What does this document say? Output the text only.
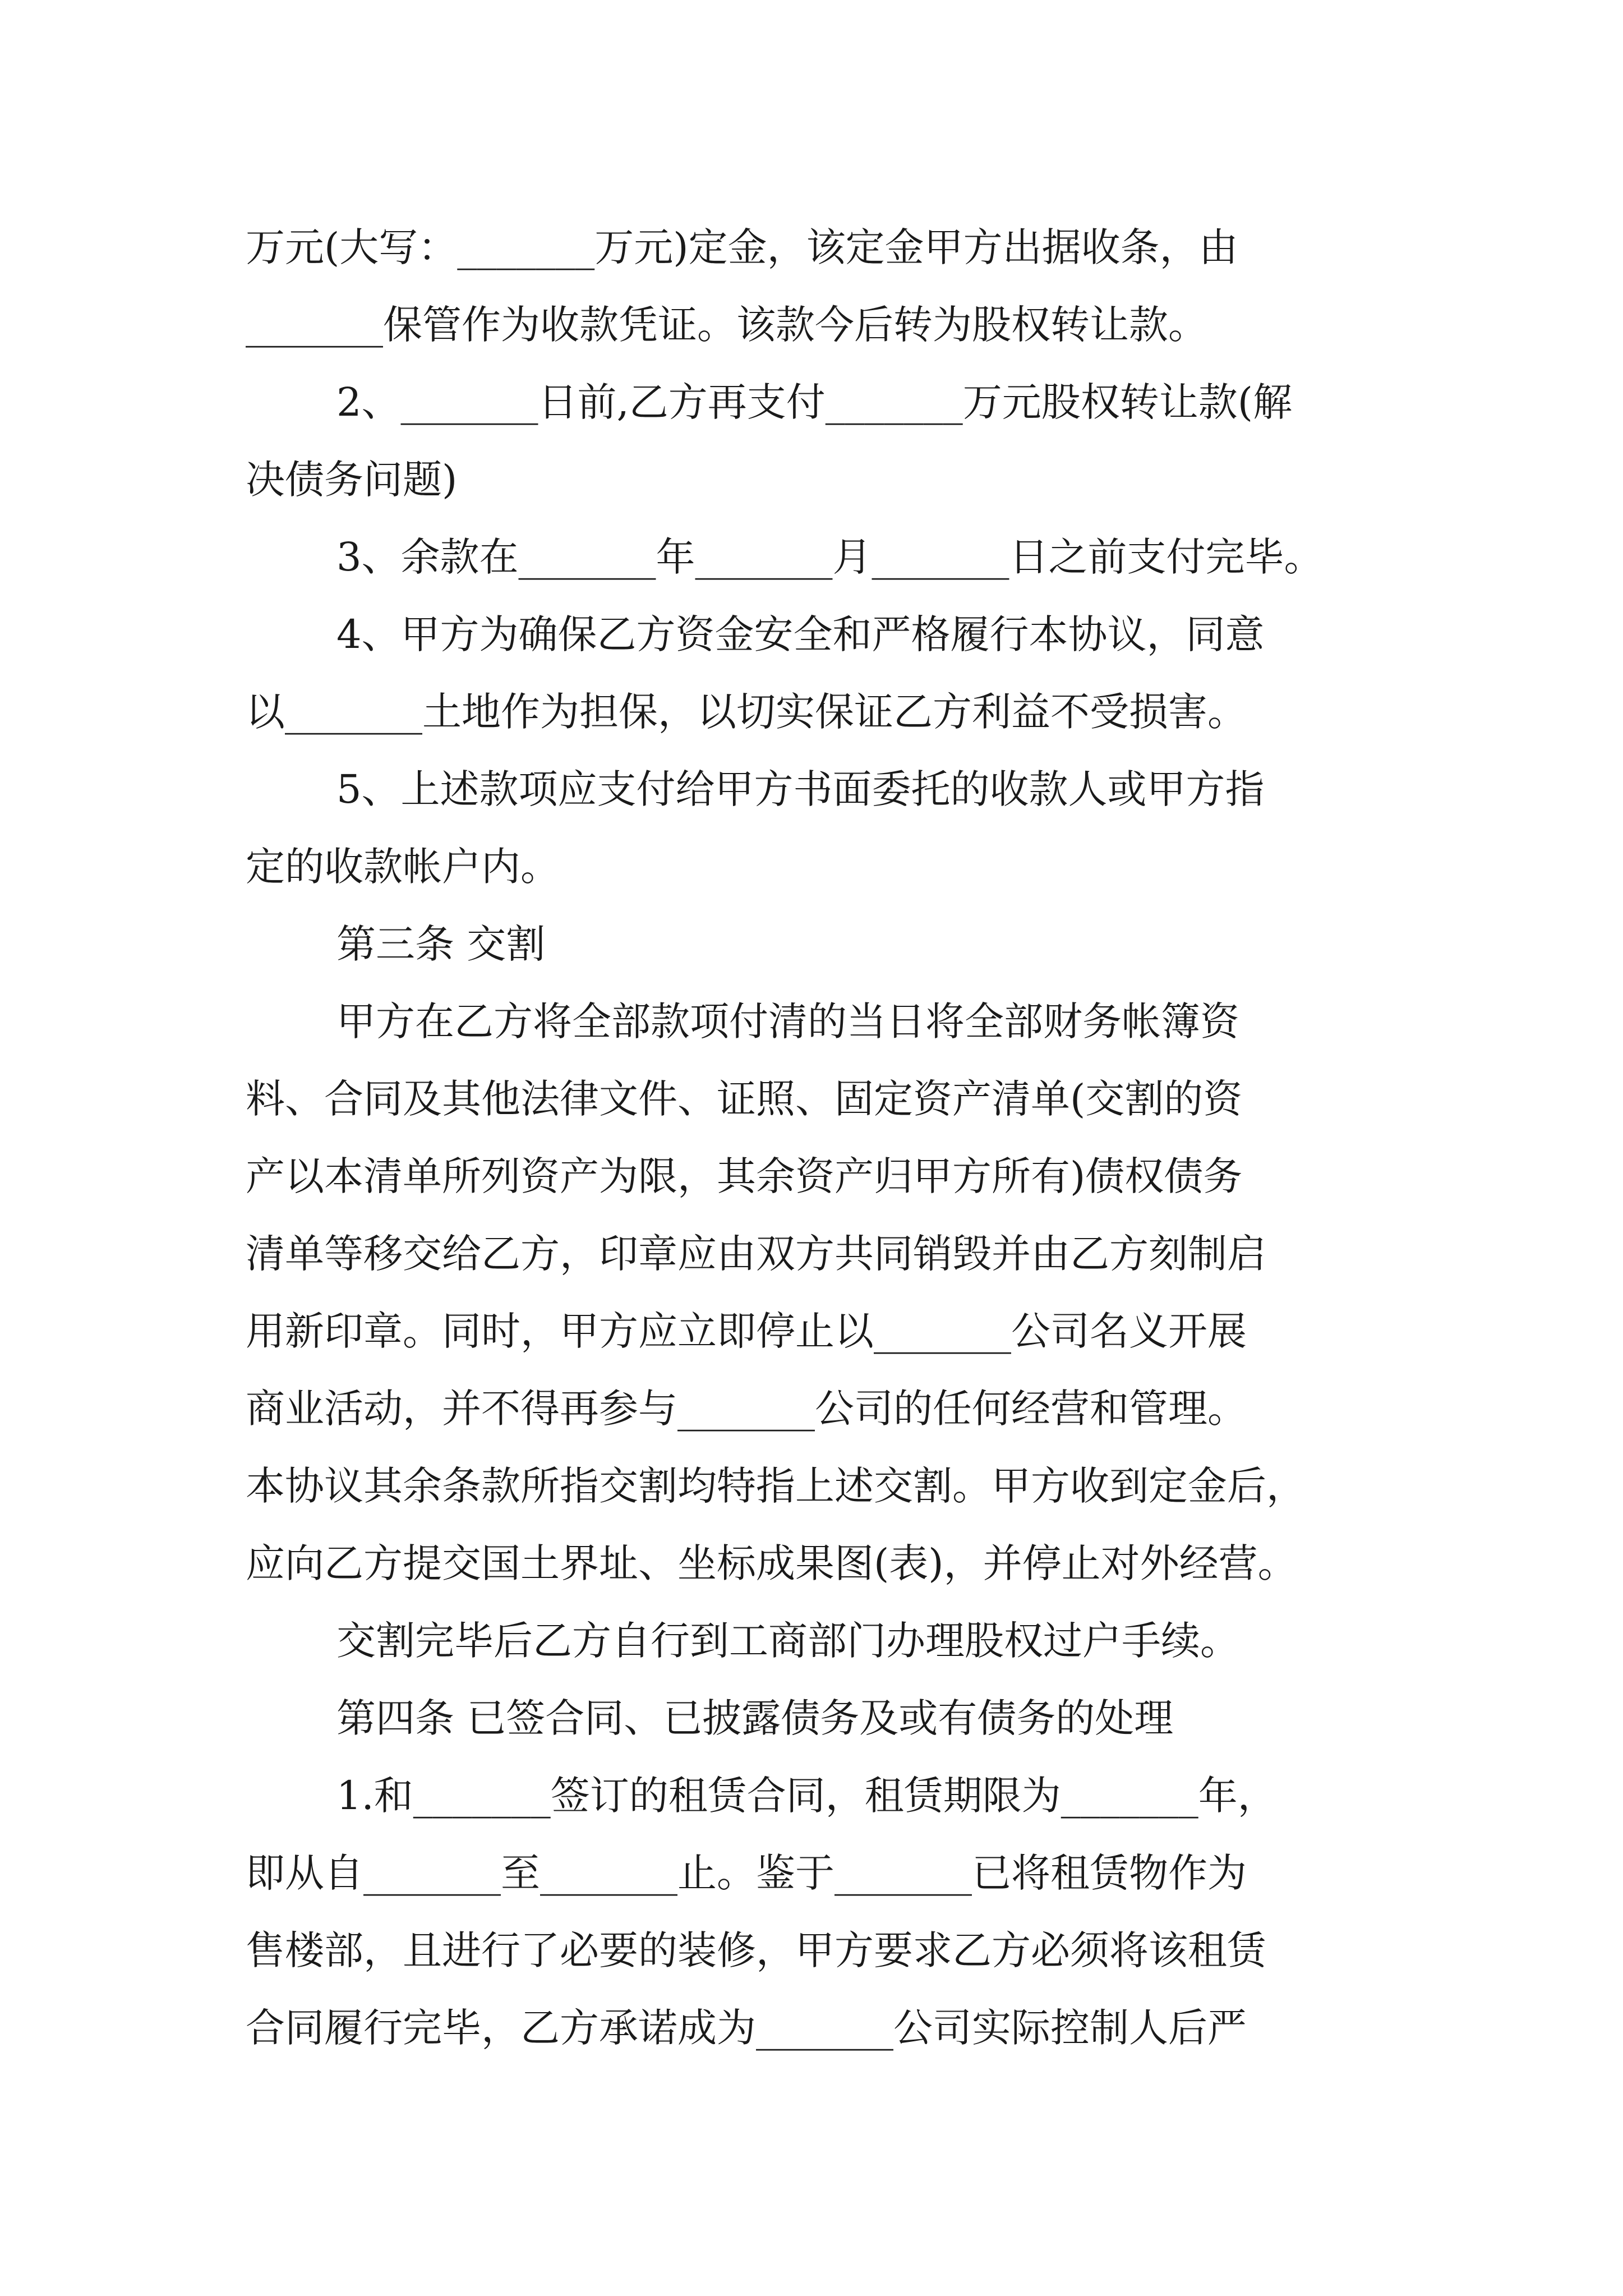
万元(大写：_______万元)定金，该定金甲方出据收条，由
_______保管作为收款凭证。该款今后转为股权转让款。
2、_______日前,乙方再支付_______万元股权转让款(解
决债务问题)
3、余款在_______年_______月_______日之前支付完毕。
4、甲方为确保乙方资金安全和严格履行本协议，同意
以_______土地作为担保，以切实保证乙方利益不受损害。
5、上述款项应支付给甲方书面委托的收款人或甲方指
定的收款帐户内。
第三条 交割
甲方在乙方将全部款项付清的当日将全部财务帐簿资
料、合同及其他法律文件、证照、固定资产清单(交割的资
产以本清单所列资产为限，其余资产归甲方所有)债权债务
清单等移交给乙方，印章应由双方共同销毁并由乙方刻制启
用新印章。同时，甲方应立即停止以_______公司名义开展
商业活动，并不得再参与_______公司的任何经营和管理。
本协议其余条款所指交割均特指上述交割。甲方收到定金后，
应向乙方提交国土界址、坐标成果图(表)，并停止对外经营。
交割完毕后乙方自行到工商部门办理股权过户手续。
第四条 已签合同、已披露债务及或有债务的处理
1.和_______签订的租赁合同，租赁期限为_______年，
即从自_______至_______止。鉴于_______已将租赁物作为
售楼部，且进行了必要的装修，甲方要求乙方必须将该租赁
合同履行完毕，乙方承诺成为_______公司实际控制人后严
